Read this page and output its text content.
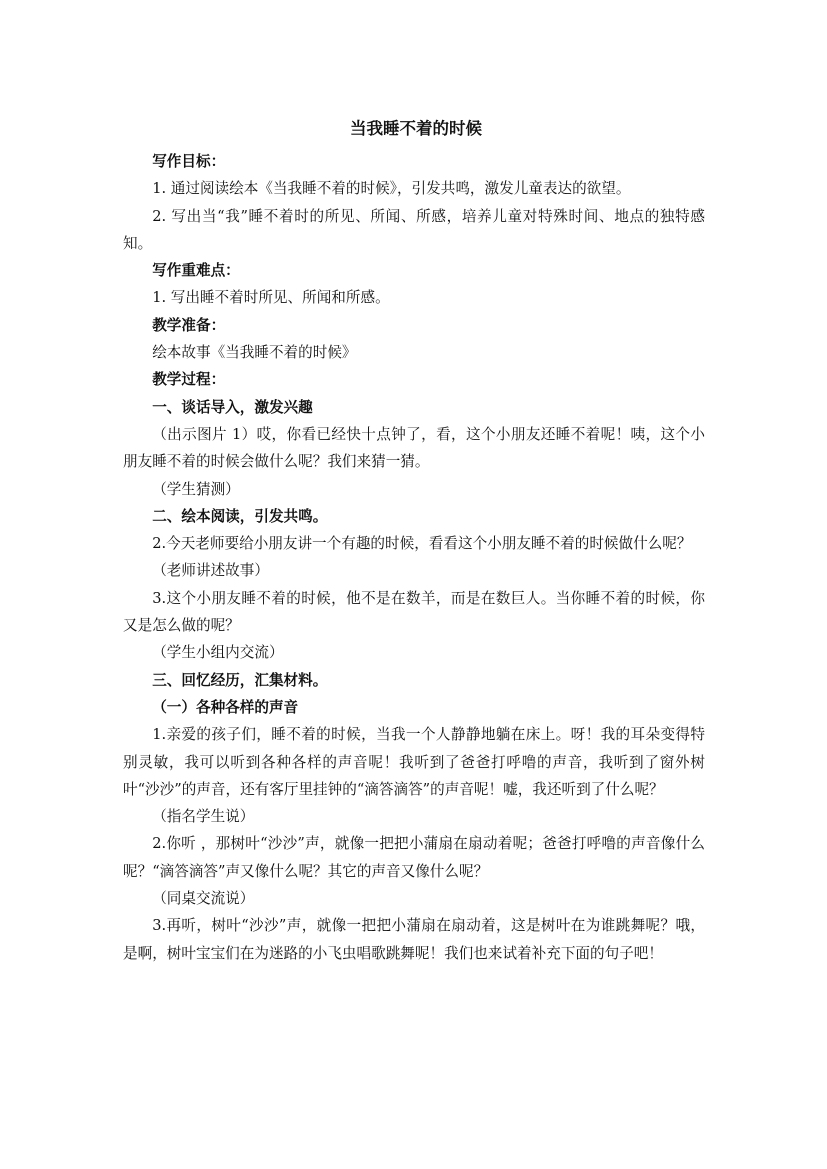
当我睡不着的时候

写作目标：

1. 通过阅读绘本《当我睡不着的时候》，引发共鸣，激发儿童表达的欲望。

2. 写出当“我”睡不着时的所见、所闻、所感，培养儿童对特殊时间、地点的独特感知。

写作重难点：

1. 写出睡不着时所见、所闻和所感。

教学准备：

绘本故事《当我睡不着的时候》

教学过程：

一、谈话导入，激发兴趣

（出示图片 1）哎，你看已经快十点钟了，看，这个小朋友还睡不着呢！咦，这个小朋友睡不着的时候会做什么呢？我们来猜一猜。

（学生猜测）

二、绘本阅读，引发共鸣。

2.今天老师要给小朋友讲一个有趣的时候，看看这个小朋友睡不着的时候做什么呢？

（老师讲述故事）

3.这个小朋友睡不着的时候，他不是在数羊，而是在数巨人。当你睡不着的时候，你又是怎么做的呢？

（学生小组内交流）

三、回忆经历，汇集材料。

（一）各种各样的声音

1.亲爱的孩子们，睡不着的时候，当我一个人静静地躺在床上。呀！我的耳朵变得特别灵敏，我可以听到各种各样的声音呢！我听到了爸爸打呼噜的声音，我听到了窗外树叶“沙沙”的声音，还有客厅里挂钟的“滴答滴答”的声音呢！嘘，我还听到了什么呢？

（指名学生说）

2.你听 ，那树叶“沙沙”声，就像一把把小蒲扇在扇动着呢；爸爸打呼噜的声音像什么呢？“滴答滴答”声又像什么呢？其它的声音又像什么呢？

（同桌交流说）

3.再听，树叶“沙沙”声，就像一把把小蒲扇在扇动着，这是树叶在为谁跳舞呢？哦，是啊，树叶宝宝们在为迷路的小飞虫唱歌跳舞呢！我们也来试着补充下面的句子吧！
